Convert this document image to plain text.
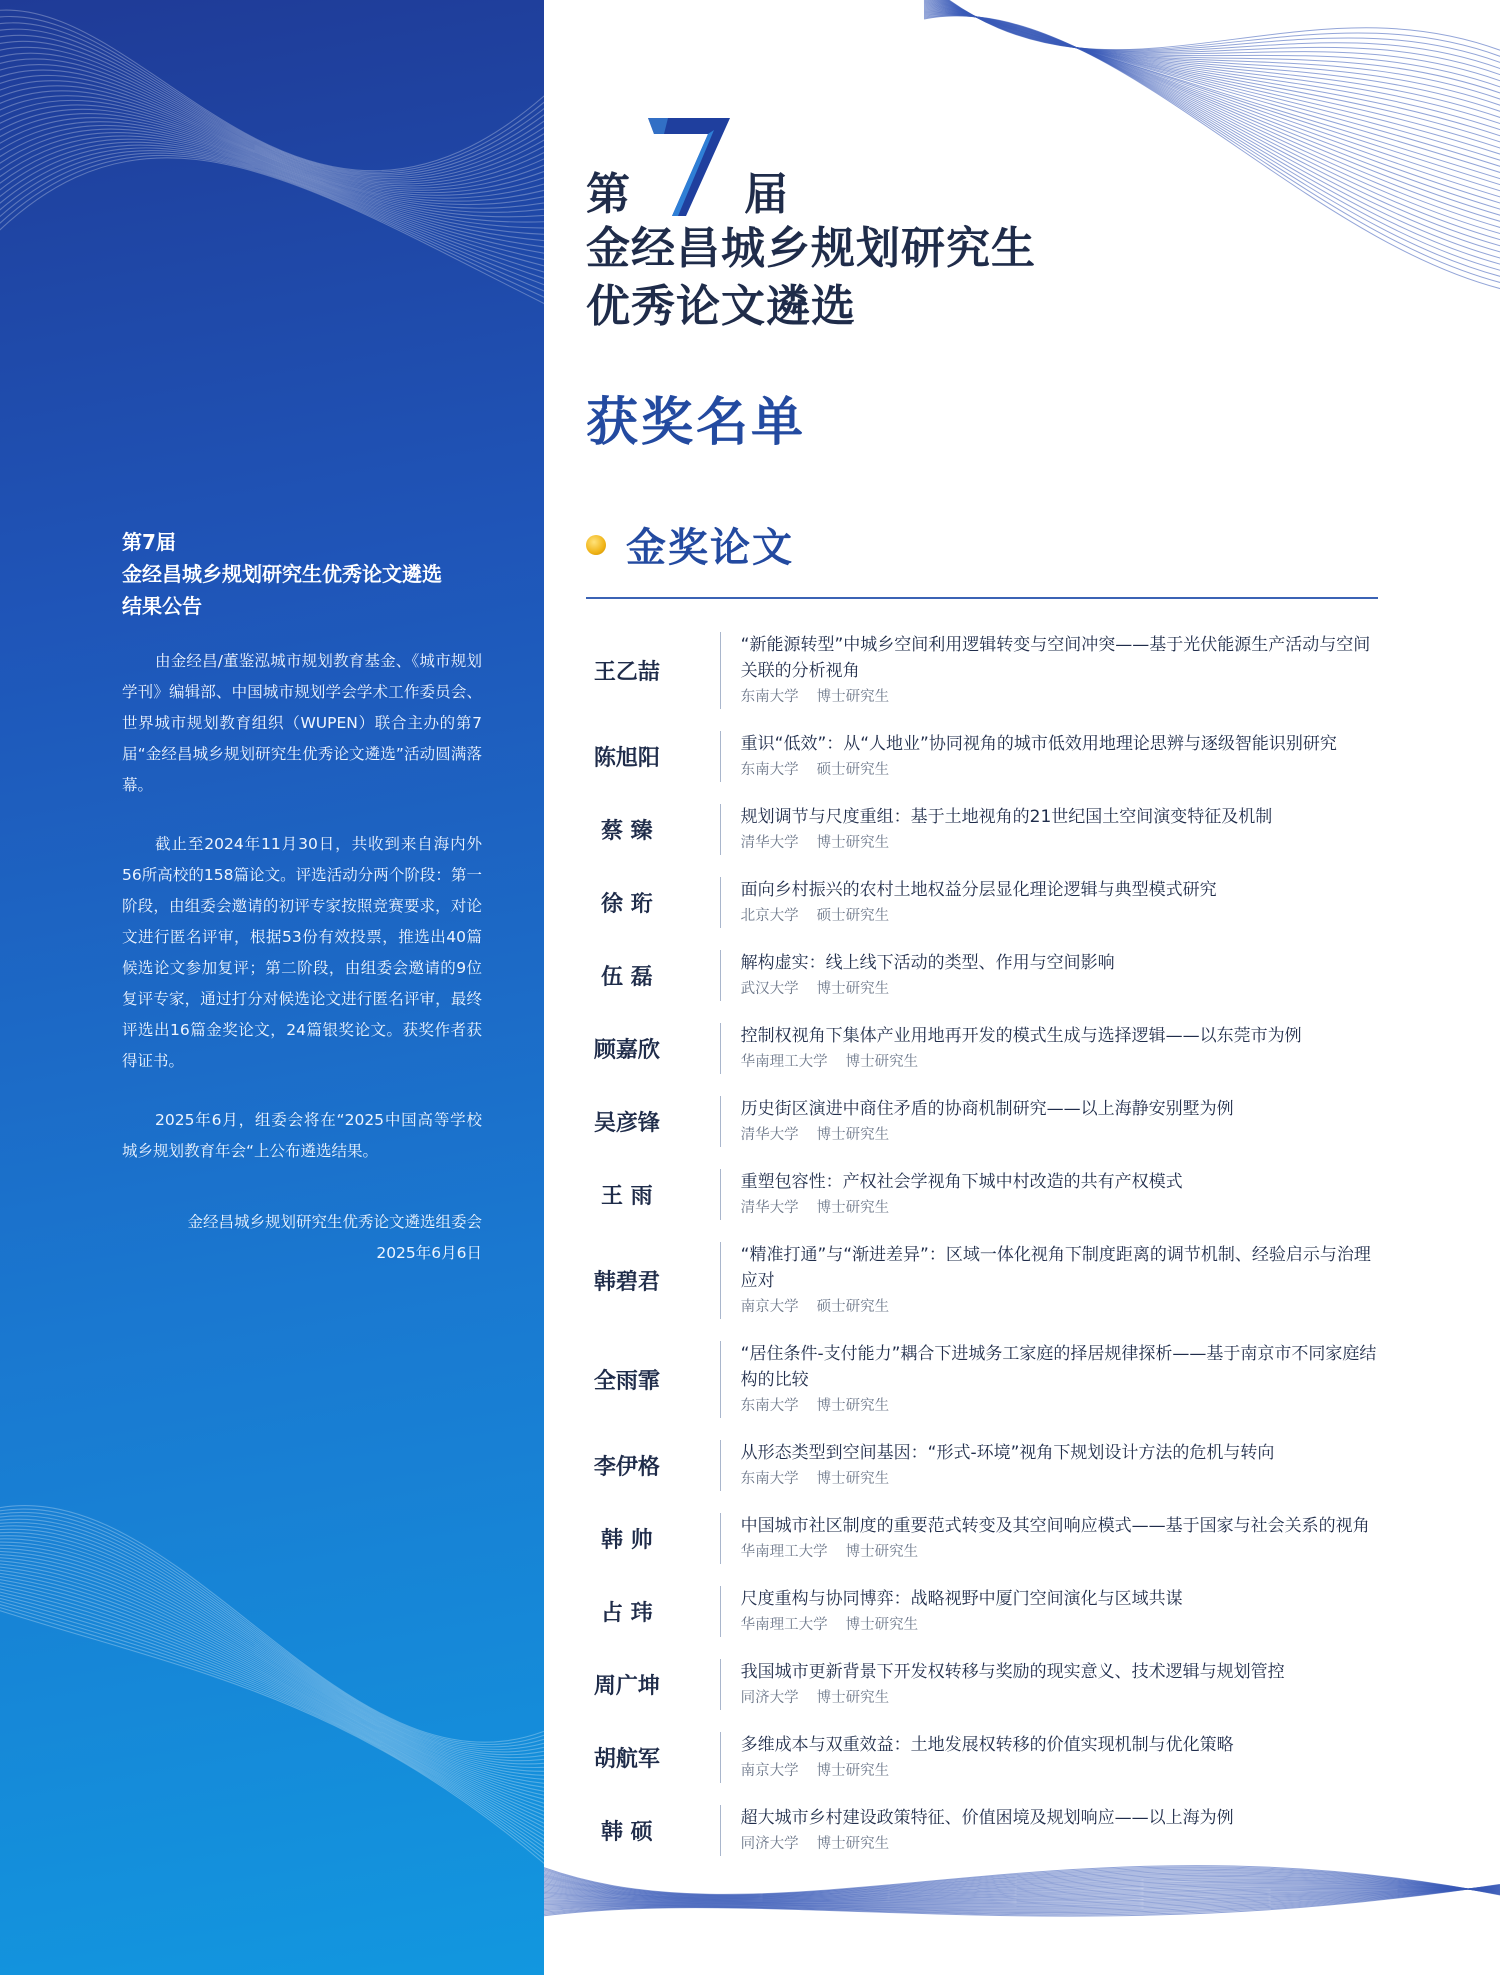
第7届
金经昌城乡规划研究生优秀论文遴选
结果公告
由金经昌/董鉴泓城市规划教育基金、《城市规划学刊》编辑部、中国城市规划学会学术工作委员会、世界城市规划教育组织（WUPEN）联合主办的第7届“金经昌城乡规划研究生优秀论文遴选”活动圆满落幕。
截止至2024年11月30日，共收到来自海内外56所高校的158篇论文。评选活动分两个阶段：第一阶段，由组委会邀请的初评专家按照竞赛要求，对论文进行匿名评审，根据53份有效投票，推选出40篇候选论文参加复评；第二阶段，由组委会邀请的9位复评专家，通过打分对候选论文进行匿名评审，最终评选出16篇金奖论文，24篇银奖论文。获奖作者获得证书。
2025年6月，组委会将在“2025中国高等学校城乡规划教育年会“上公布遴选结果。
金经昌城乡规划研究生优秀论文遴选组委会
2025年6月6日
第	届
金经昌城乡规划研究生
优秀论文遴选
获奖名单
金奖论文
王乙喆
“新能源转型”中城乡空间利用逻辑转变与空间冲突——基于光伏能源生产活动与空间关联的分析视角
东南大学 博士研究生
陈旭阳
重识“低效”：从“人地业”协同视角的城市低效用地理论思辨与逐级智能识别研究
东南大学 硕士研究生
蔡 臻
规划调节与尺度重组：基于土地视角的21世纪国土空间演变特征及机制
清华大学 博士研究生
徐 珩
面向乡村振兴的农村土地权益分层显化理论逻辑与典型模式研究
北京大学 硕士研究生
伍 磊
解构虚实：线上线下活动的类型、作用与空间影响
武汉大学 博士研究生
顾嘉欣
控制权视角下集体产业用地再开发的模式生成与选择逻辑——以东莞市为例
华南理工大学 博士研究生
吴彦锋
历史街区演进中商住矛盾的协商机制研究——以上海静安别墅为例
清华大学 博士研究生
王 雨
重塑包容性：产权社会学视角下城中村改造的共有产权模式
清华大学 博士研究生
韩碧君
“精准打通”与“渐进差异”：区域一体化视角下制度距离的调节机制、经验启示与治理应对
南京大学 硕士研究生
全雨霏
“居住条件-支付能力”耦合下进城务工家庭的择居规律探析——基于南京市不同家庭结构的比较
东南大学 博士研究生
李伊格
从形态类型到空间基因：“形式-环境”视角下规划设计方法的危机与转向
东南大学 博士研究生
韩 帅
中国城市社区制度的重要范式转变及其空间响应模式——基于国家与社会关系的视角
华南理工大学 博士研究生
占 玮
尺度重构与协同博弈：战略视野中厦门空间演化与区域共谋
华南理工大学 博士研究生
周广坤
我国城市更新背景下开发权转移与奖励的现实意义、技术逻辑与规划管控
同济大学 博士研究生
胡航军
多维成本与双重效益：土地发展权转移的价值实现机制与优化策略
南京大学 博士研究生
韩 硕
超大城市乡村建设政策特征、价值困境及规划响应——以上海为例
同济大学 博士研究生
